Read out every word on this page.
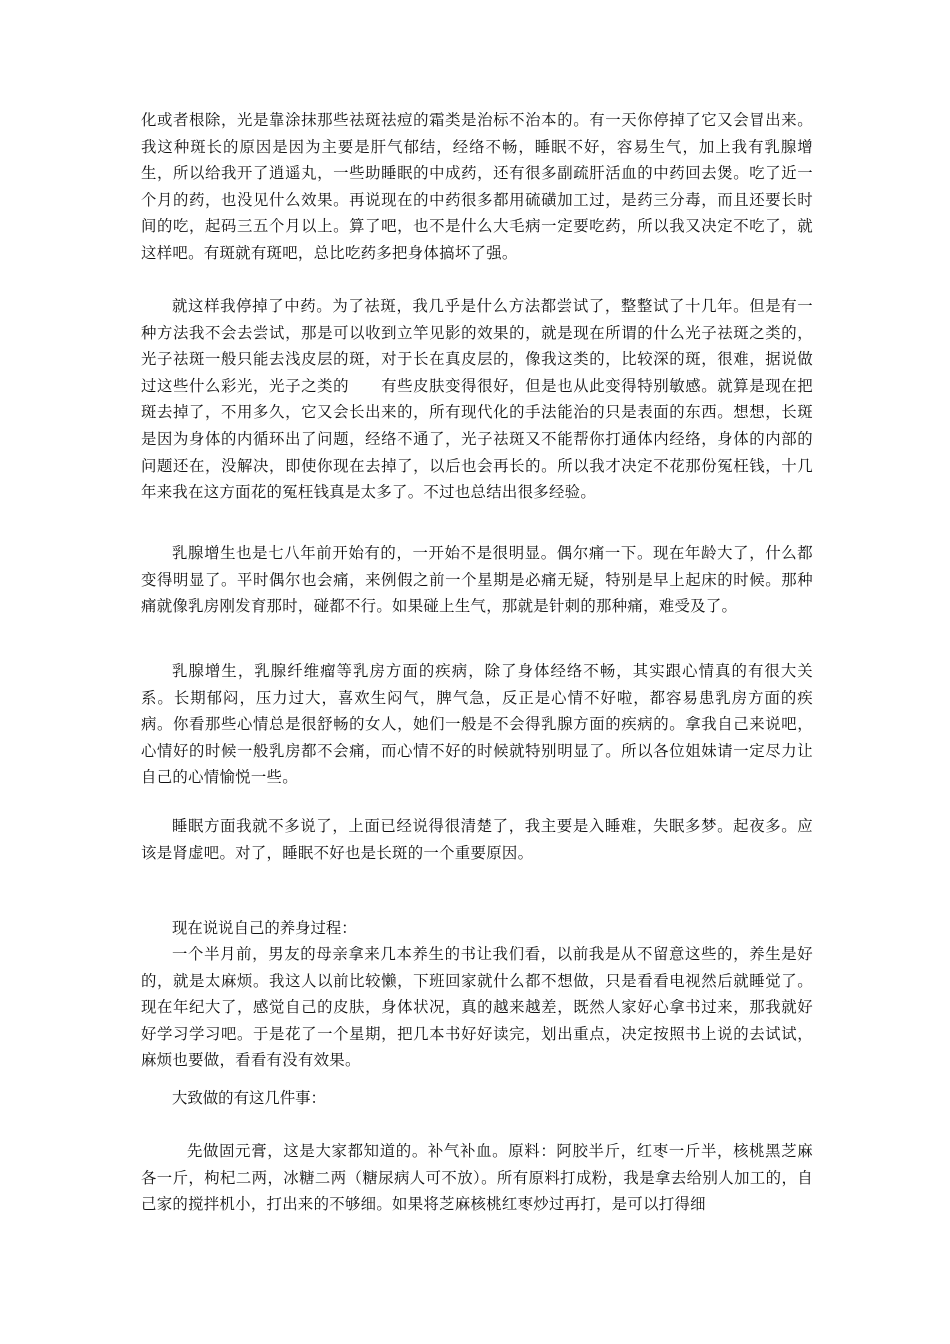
化或者根除，光是靠涂抹那些祛斑祛痘的霜类是治标不治本的。有一天你停掉了它又会冒出来。我这种斑长的原因是因为主要是肝气郁结，经络不畅，睡眠不好，容易生气，加上我有乳腺增生，所以给我开了逍遥丸，一些助睡眠的中成药，还有很多副疏肝活血的中药回去煲。吃了近一个月的药，也没见什么效果。再说现在的中药很多都用硫磺加工过，是药三分毒，而且还要长时间的吃，起码三五个月以上。算了吧，也不是什么大毛病一定要吃药，所以我又决定不吃了，就这样吧。有斑就有斑吧，总比吃药多把身体搞坏了强。

就这样我停掉了中药。为了祛斑，我几乎是什么方法都尝试了，整整试了十几年。但是有一种方法我不会去尝试，那是可以收到立竿见影的效果的，就是现在所谓的什么光子祛斑之类的，光子祛斑一般只能去浅皮层的斑，对于长在真皮层的，像我这类的，比较深的斑，很难，据说做过这些什么彩光，光子之类的　　有些皮肤变得很好，但是也从此变得特别敏感。就算是现在把斑去掉了，不用多久，它又会长出来的，所有现代化的手法能治的只是表面的东西。想想，长斑是因为身体的内循环出了问题，经络不通了，光子祛斑又不能帮你打通体内经络，身体的内部的问题还在，没解决，即使你现在去掉了，以后也会再长的。所以我才决定不花那份冤枉钱，十几年来我在这方面花的冤枉钱真是太多了。不过也总结出很多经验。

乳腺增生也是七八年前开始有的，一开始不是很明显。偶尔痛一下。现在年龄大了，什么都变得明显了。平时偶尔也会痛，来例假之前一个星期是必痛无疑，特别是早上起床的时候。那种痛就像乳房刚发育那时，碰都不行。如果碰上生气，那就是针刺的那种痛，难受及了。

乳腺增生，乳腺纤维瘤等乳房方面的疾病，除了身体经络不畅，其实跟心情真的有很大关系。长期郁闷，压力过大，喜欢生闷气，脾气急，反正是心情不好啦，都容易患乳房方面的疾病。你看那些心情总是很舒畅的女人，她们一般是不会得乳腺方面的疾病的。拿我自己来说吧，心情好的时候一般乳房都不会痛，而心情不好的时候就特别明显了。所以各位姐妹请一定尽力让自己的心情愉悦一些。

睡眠方面我就不多说了，上面已经说得很清楚了，我主要是入睡难，失眠多梦。起夜多。应该是肾虚吧。对了，睡眠不好也是长斑的一个重要原因。

现在说说自己的养身过程：

一个半月前，男友的母亲拿来几本养生的书让我们看，以前我是从不留意这些的，养生是好的，就是太麻烦。我这人以前比较懒，下班回家就什么都不想做，只是看看电视然后就睡觉了。现在年纪大了，感觉自己的皮肤，身体状况，真的越来越差，既然人家好心拿书过来，那我就好好学习学习吧。于是花了一个星期，把几本书好好读完，划出重点，决定按照书上说的去试试，麻烦也要做，看看有没有效果。

大致做的有这几件事：

先做固元膏，这是大家都知道的。补气补血。原料：阿胶半斤，红枣一斤半，核桃黑芝麻各一斤，枸杞二两，冰糖二两（糖尿病人可不放）。所有原料打成粉，我是拿去给别人加工的，自己家的搅拌机小，打出来的不够细。如果将芝麻核桃红枣炒过再打，是可以打得细
